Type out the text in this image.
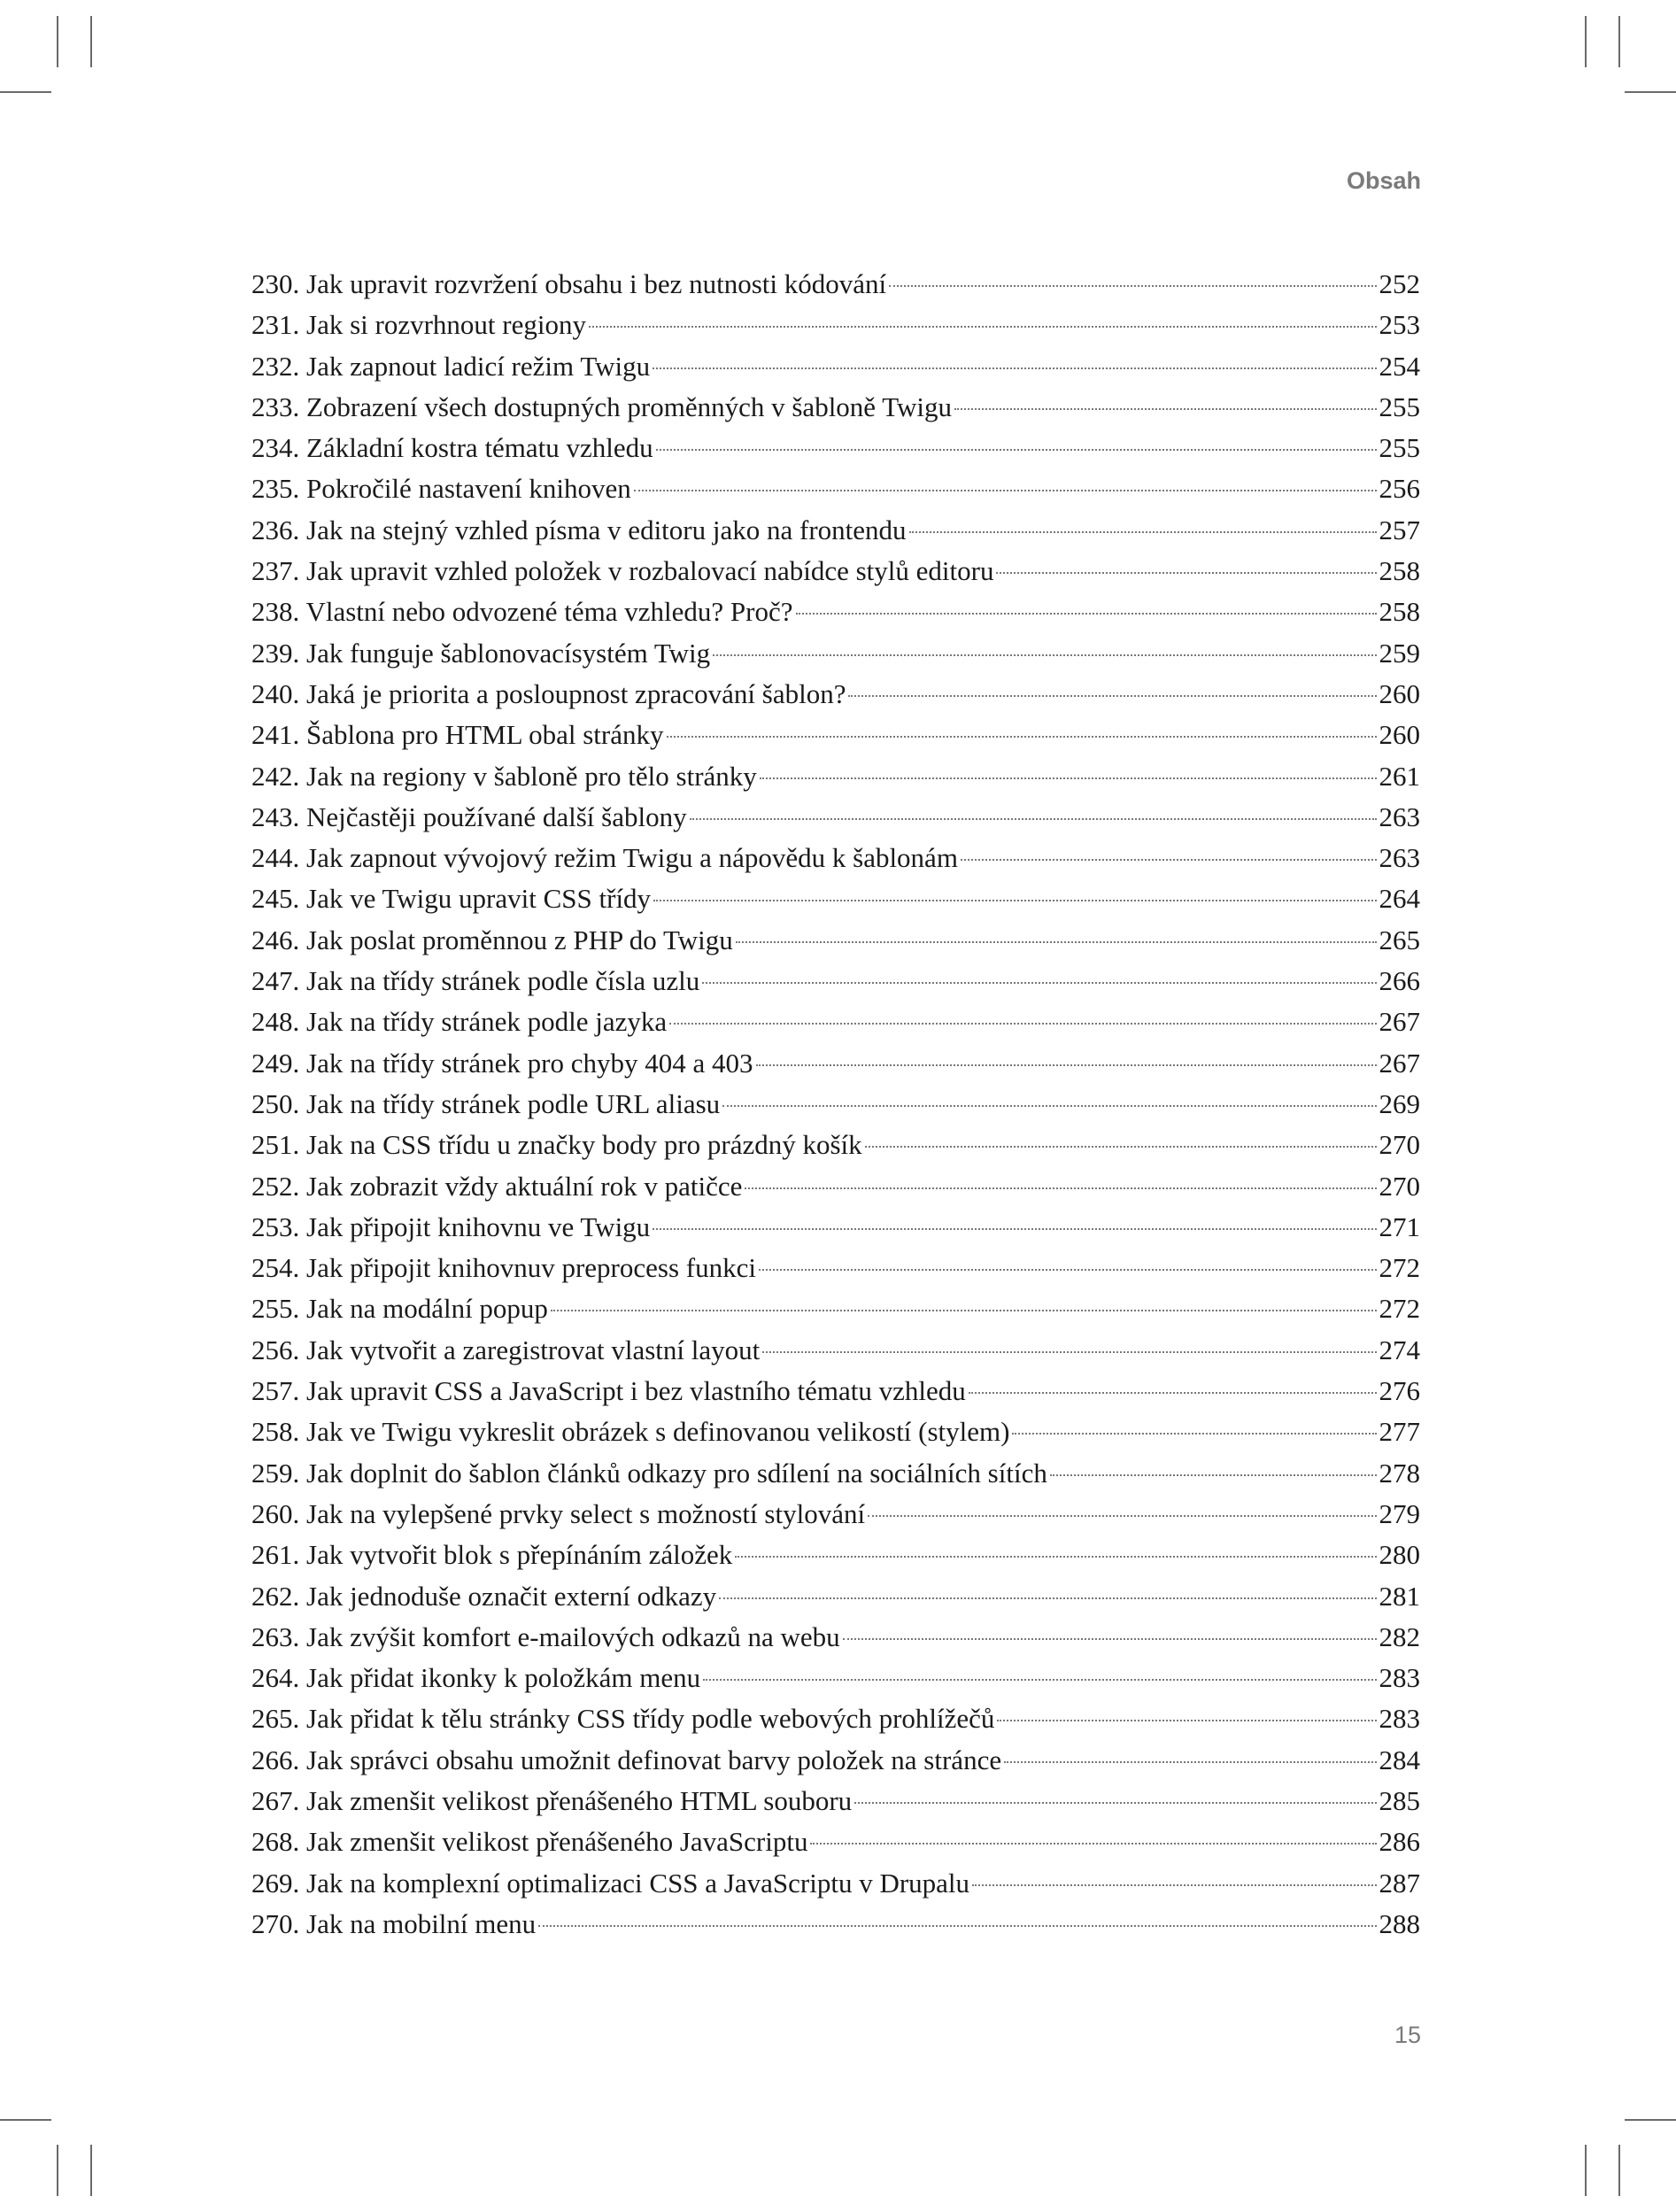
Obsah
230. Jak upravit rozvržení obsahu i bez nutnosti kódování	252
231. Jak si rozvrhnout regiony	253
232. Jak zapnout ladicí režim Twigu	254
233. Zobrazení všech dostupných proměnných v šabloně Twigu	255
234. Základní kostra tématu vzhledu	255
235. Pokročilé nastavení knihoven	256
236. Jak na stejný vzhled písma v editoru jako na frontendu	257
237. Jak upravit vzhled položek v rozbalovací nabídce stylů editoru	258
238. Vlastní nebo odvozené téma vzhledu? Proč?	258
239. Jak funguje šablonovacísystém Twig	259
240. Jaká je priorita a posloupnost zpracování šablon?	260
241. Šablona pro HTML obal stránky	260
242. Jak na regiony v šabloně pro tělo stránky	261
243. Nejčastěji používané další šablony	263
244. Jak zapnout vývojový režim Twigu a nápovědu k šablonám	263
245. Jak ve Twigu upravit CSS třídy	264
246. Jak poslat proměnnou z PHP do Twigu	265
247. Jak na třídy stránek podle čísla uzlu	266
248. Jak na třídy stránek podle jazyka	267
249. Jak na třídy stránek pro chyby 404 a 403	267
250. Jak na třídy stránek podle URL aliasu	269
251. Jak na CSS třídu u značky body pro prázdný košík	270
252. Jak zobrazit vždy aktuální rok v patičce	270
253. Jak připojit knihovnu ve Twigu	271
254. Jak připojit knihovnuv preprocess funkci	272
255. Jak na modální popup	272
256. Jak vytvořit a zaregistrovat vlastní layout	274
257. Jak upravit CSS a JavaScript i bez vlastního tématu vzhledu	276
258. Jak ve Twigu vykreslit obrázek s definovanou velikostí (stylem)	277
259. Jak doplnit do šablon článků odkazy pro sdílení na sociálních sítích	278
260. Jak na vylepšené prvky select s možností stylování	279
261. Jak vytvořit blok s přepínáním záložek	280
262. Jak jednoduše označit externí odkazy	281
263. Jak zvýšit komfort e-mailových odkazů na webu	282
264. Jak přidat ikonky k položkám menu	283
265. Jak přidat k tělu stránky CSS třídy podle webových prohlížečů	283
266. Jak správci obsahu umožnit definovat barvy položek na stránce	284
267. Jak zmenšit velikost přenášeného HTML souboru	285
268. Jak zmenšit velikost přenášeného JavaScriptu	286
269. Jak na komplexní optimalizaci CSS a JavaScriptu v Drupalu	287
270. Jak na mobilní menu	288
15
